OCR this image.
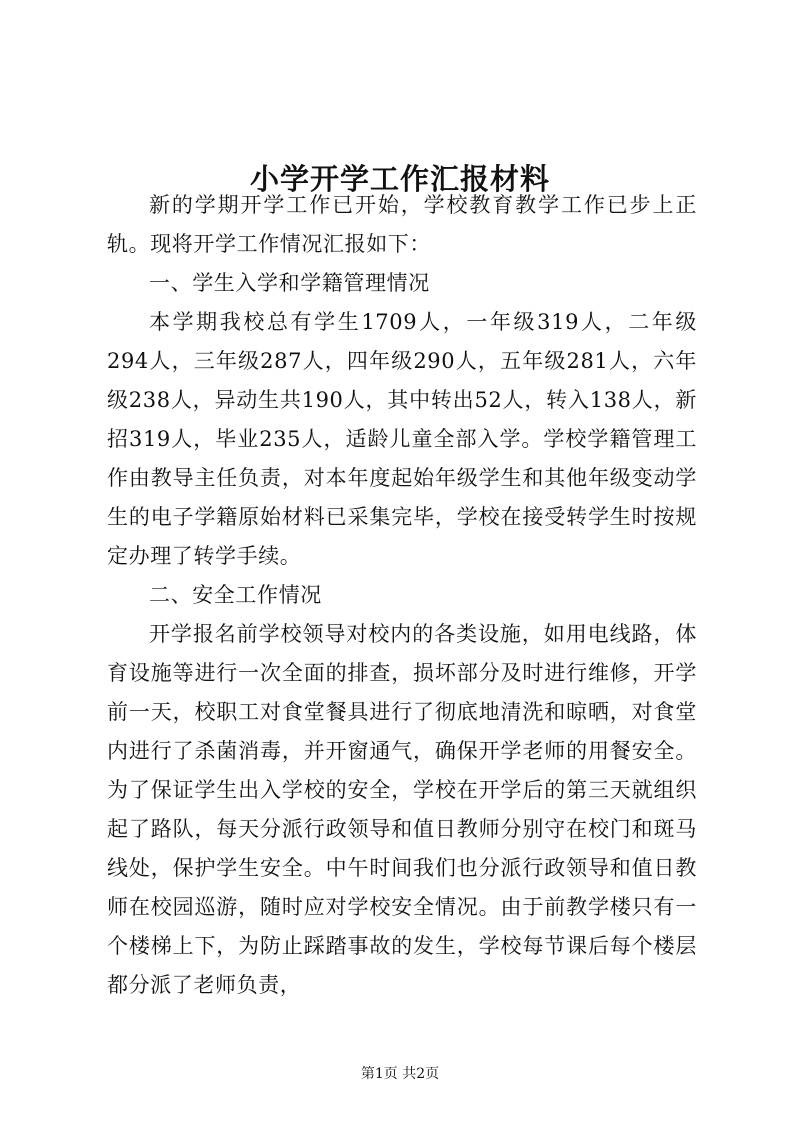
小学开学工作汇报材料

新的学期开学工作已开始，学校教育教学工作已步上正轨。现将开学工作情况汇报如下：

一、学生入学和学籍管理情况

本学期我校总有学生1709人，一年级319人，二年级294人，三年级287人，四年级290人，五年级281人，六年级238人，异动生共190人，其中转出52人，转入138人，新招319人，毕业235人，适龄儿童全部入学。学校学籍管理工作由教导主任负责，对本年度起始年级学生和其他年级变动学生的电子学籍原始材料已采集完毕，学校在接受转学生时按规定办理了转学手续。

二、安全工作情况

开学报名前学校领导对校内的各类设施，如用电线路，体育设施等进行一次全面的排查，损坏部分及时进行维修，开学前一天，校职工对食堂餐具进行了彻底地清洗和晾晒，对食堂内进行了杀菌消毒，并开窗通气，确保开学老师的用餐安全。为了保证学生出入学校的安全，学校在开学后的第三天就组织起了路队，每天分派行政领导和值日教师分别守在校门和斑马线处，保护学生安全。中午时间我们也分派行政领导和值日教师在校园巡游，随时应对学校安全情况。由于前教学楼只有一个楼梯上下，为防止踩踏事故的发生，学校每节课后每个楼层都分派了老师负责，

第1页 共2页
